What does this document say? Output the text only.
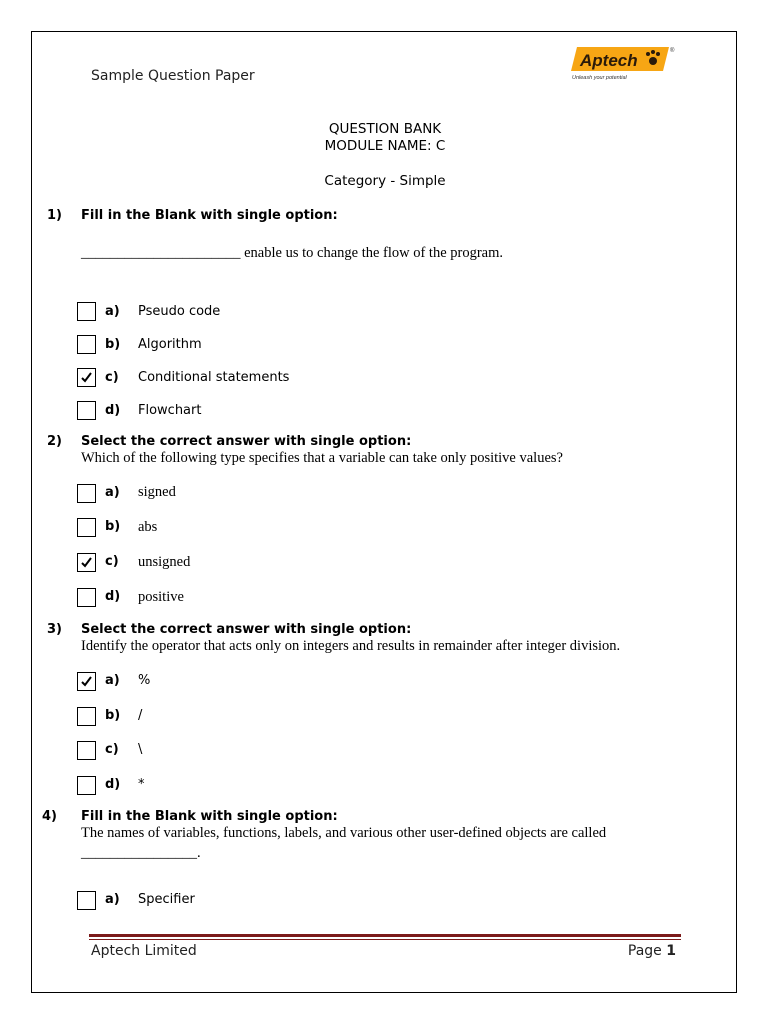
Sample Question Paper
Aptech
Unleash your potential
®
QUESTION BANK
MODULE NAME: C
Category - Simple
1) Fill in the Blank with single option:
______________________ enable us to change the flow of the program.
a) Pseudo code
b) Algorithm
c) Conditional statements
d) Flowchart
2) Select the correct answer with single option:
Which of the following type specifies that a variable can take only positive values?
a) signed
b) abs
c) unsigned
d) positive
3) Select the correct answer with single option:
Identify the operator that acts only on integers and results in remainder after integer division.
a) %
b) /
c) \
d) *
4) Fill in the Blank with single option:
The names of variables, functions, labels, and various other user-defined objects are called
________________.
a) Specifier
Aptech Limited	Page 1
